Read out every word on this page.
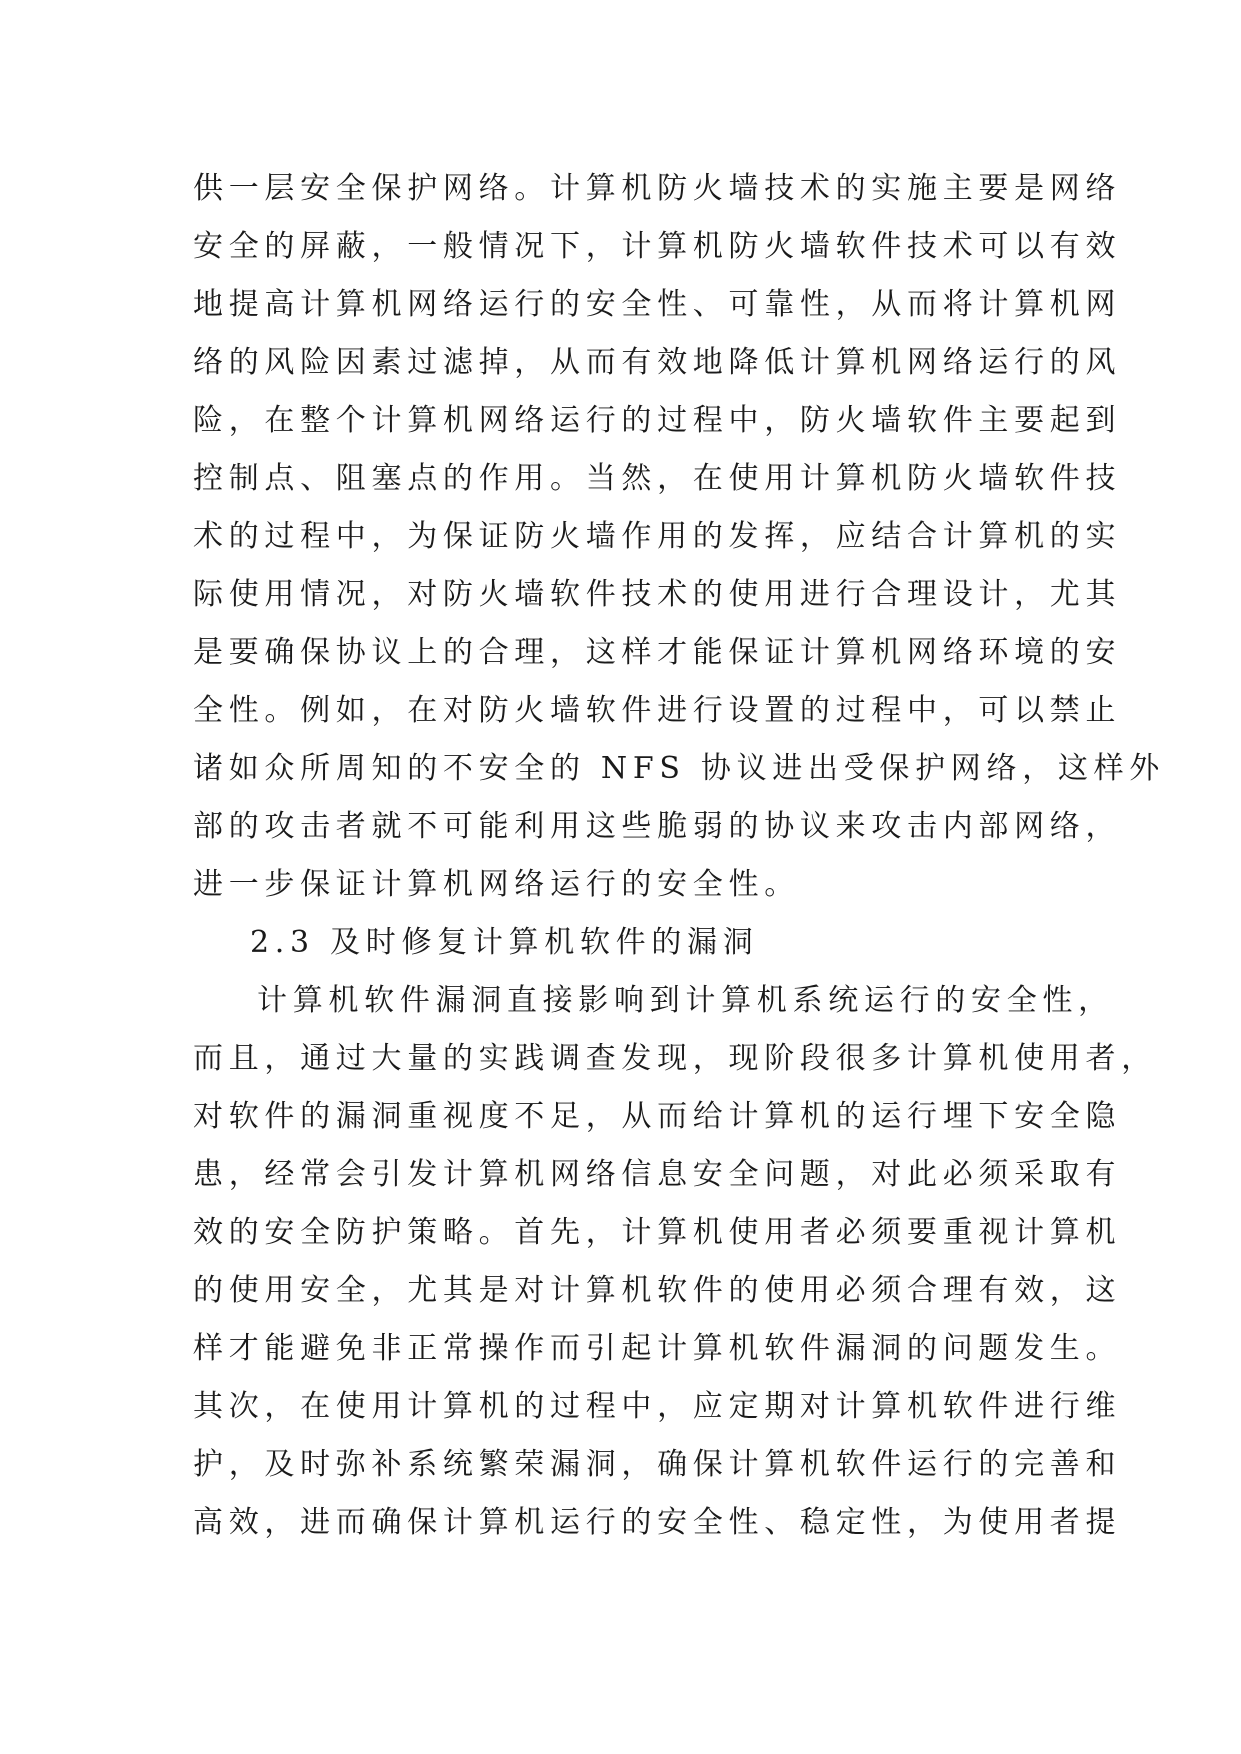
供一层安全保护网络。计算机防火墙技术的实施主要是网络

安全的屏蔽，一般情况下，计算机防火墙软件技术可以有效

地提高计算机网络运行的安全性、可靠性，从而将计算机网

络的风险因素过滤掉，从而有效地降低计算机网络运行的风

险，在整个计算机网络运行的过程中，防火墙软件主要起到

控制点、阻塞点的作用。当然，在使用计算机防火墙软件技

术的过程中，为保证防火墙作用的发挥，应结合计算机的实

际使用情况，对防火墙软件技术的使用进行合理设计，尤其

是要确保协议上的合理，这样才能保证计算机网络环境的安

全性。例如，在对防火墙软件进行设置的过程中，可以禁止

诸如众所周知的不安全的 NFS 协议进出受保护网络，这样外

部的攻击者就不可能利用这些脆弱的协议来攻击内部网络，

进一步保证计算机网络运行的安全性。

2.3 及时修复计算机软件的漏洞

计算机软件漏洞直接影响到计算机系统运行的安全性，

而且，通过大量的实践调查发现，现阶段很多计算机使用者，

对软件的漏洞重视度不足，从而给计算机的运行埋下安全隐

患，经常会引发计算机网络信息安全问题，对此必须采取有

效的安全防护策略。首先，计算机使用者必须要重视计算机

的使用安全，尤其是对计算机软件的使用必须合理有效，这

样才能避免非正常操作而引起计算机软件漏洞的问题发生。

其次，在使用计算机的过程中，应定期对计算机软件进行维

护，及时弥补系统繁荣漏洞，确保计算机软件运行的完善和

高效，进而确保计算机运行的安全性、稳定性，为使用者提
